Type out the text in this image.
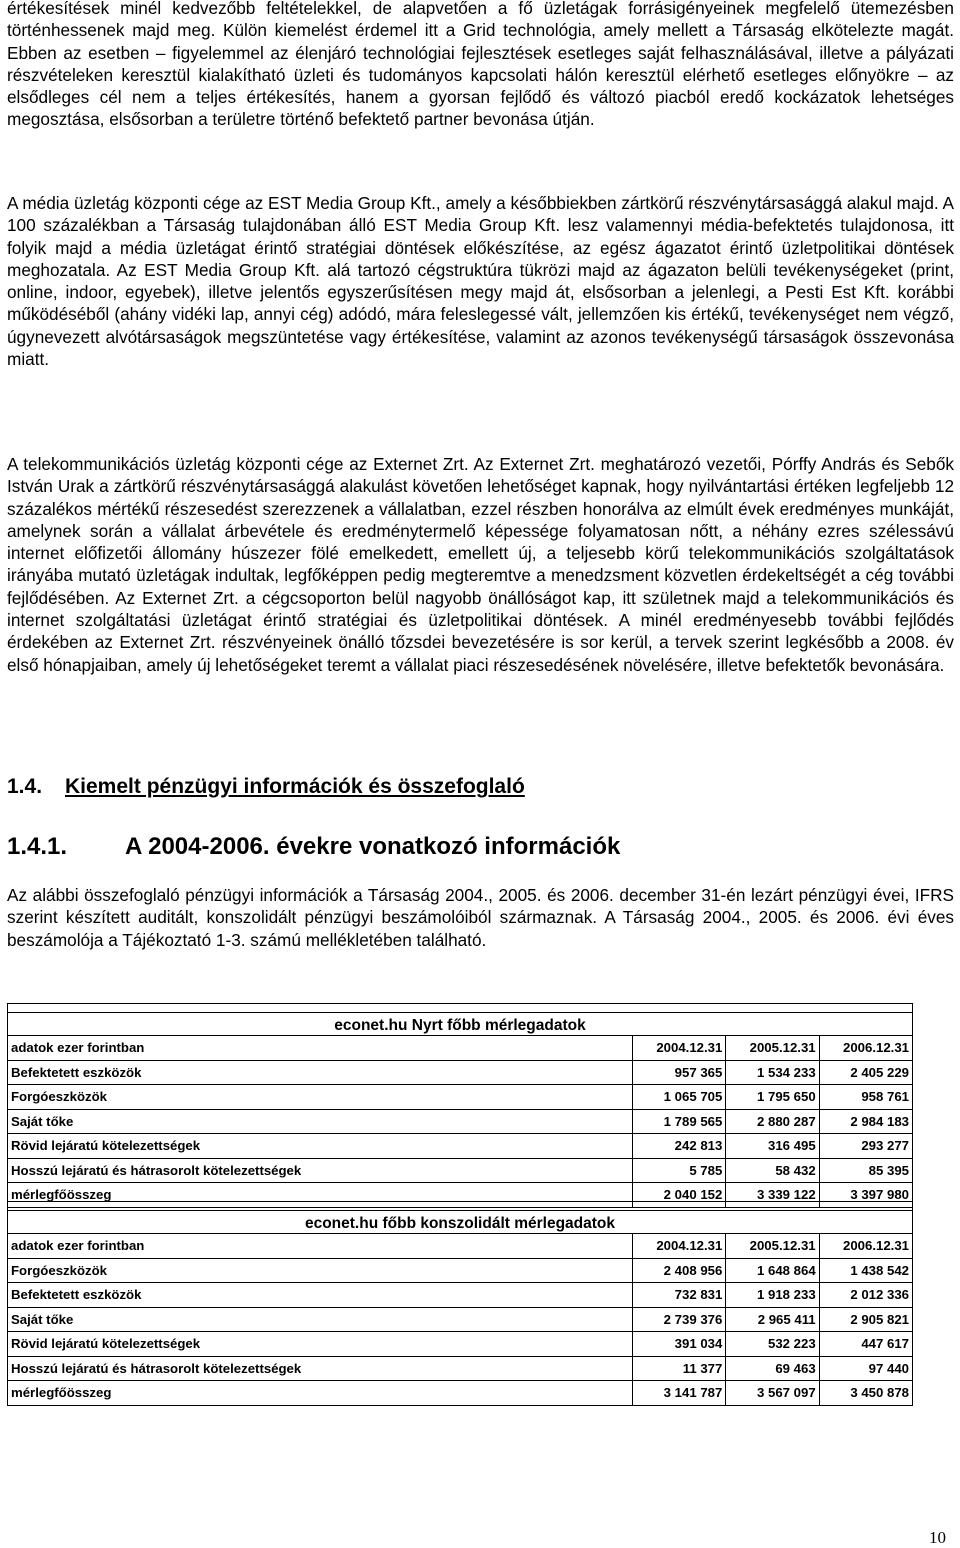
értékesítések minél kedvezőbb feltételekkel, de alapvetően a fő üzletágak forrásigényeinek megfelelő ütemezésben történhessenek majd meg. Külön kiemelést érdemel itt a Grid technológia, amely mellett a Társaság elkötelezte magát. Ebben az esetben – figyelemmel az élenjáró technológiai fejlesztések esetleges saját felhasználásával, illetve a pályázati részvételeken keresztül kialakítható üzleti és tudományos kapcsolati hálón keresztül elérhető esetleges előnyökre – az elsődleges cél nem a teljes értékesítés, hanem a gyorsan fejlődő és változó piacból eredő kockázatok lehetséges megosztása, elsősorban a területre történő befektető partner bevonása útján.

A média üzletág központi cége az EST Media Group Kft., amely a későbbiekben zártkörű részvénytársasággá alakul majd. A 100 százalékban a Társaság tulajdonában álló EST Media Group Kft. lesz valamennyi média-befektetés tulajdonosa, itt folyik majd a média üzletágat érintő stratégiai döntések előkészítése, az egész ágazatot érintő üzletpolitikai döntések meghozatala. Az EST Media Group Kft. alá tartozó cégstruktúra tükrözi majd az ágazaton belüli tevékenységeket (print, online, indoor, egyebek), illetve jelentős egyszerűsítésen megy majd át, elsősorban a jelenlegi, a Pesti Est Kft. korábbi működéséből (ahány vidéki lap, annyi cég) adódó, mára feleslegessé vált, jellemzően kis értékű, tevékenységet nem végző, úgynevezett alvótársaságok megszüntetése vagy értékesítése, valamint az azonos tevékenységű társaságok összevonása miatt.

A telekommunikációs üzletág központi cége az Externet Zrt. Az Externet Zrt. meghatározó vezetői, Pórffy András és Sebők István Urak a zártkörű részvénytársasággá alakulást követően lehetőséget kapnak, hogy nyilvántartási értéken legfeljebb 12 százalékos mértékű részesedést szerezzenek a vállalatban, ezzel részben honorálva az elmúlt évek eredményes munkáját, amelynek során a vállalat árbevétele és eredménytermelő képessége folyamatosan nőtt, a néhány ezres szélessávú internet előfizetői állomány húszezer fölé emelkedett, emellett új, a teljesebb körű telekommunikációs szolgáltatások irányába mutató üzletágak indultak, legfőképpen pedig megteremtve a menedzsment közvetlen érdekeltségét a cég további fejlődésében. Az Externet Zrt. a cégcsoporton belül nagyobb önállóságot kap, itt születnek majd a telekommunikációs és internet szolgáltatási üzletágat érintő stratégiai és üzletpolitikai döntések. A minél eredményesebb további fejlődés érdekében az Externet Zrt. részvényeinek önálló tőzsdei bevezetésére is sor kerül, a tervek szerint legkésőbb a 2008. év első hónapjaiban, amely új lehetőségeket teremt a vállalat piaci részesedésének növelésére, illetve befektetők bevonására.

1.4. Kiemelt pénzügyi információk és összefoglaló
1.4.1. A 2004-2006. évekre vonatkozó információk

Az alábbi összefoglaló pénzügyi információk a Társaság 2004., 2005. és 2006. december 31-én lezárt pénzügyi évei, IFRS szerint készített auditált, konszolidált pénzügyi beszámolóiból származnak. A Társaság 2004., 2005. és 2006. évi éves beszámolója a Tájékoztató 1-3. számú mellékletében található.

econet.hu Nyrt főbb mérlegadatok			
adatok ezer forintban	2004.12.31	2005.12.31	2006.12.31
Befektetett eszközök	957 365	1 534 233	2 405 229
Forgóeszközök	1 065 705	1 795 650	958 761
Saját tőke	1 789 565	2 880 287	2 984 183
Rövid lejáratú kötelezettségek	242 813	316 495	293 277
Hosszú lejáratú és hátrasorolt kötelezettségek	5 785	58 432	85 395
mérlegfőösszeg	2 040 152	3 339 122	3 397 980

econet.hu főbb konszolidált mérlegadatok			
adatok ezer forintban	2004.12.31	2005.12.31	2006.12.31
Forgóeszközök	2 408 956	1 648 864	1 438 542
Befektetett eszközök	732 831	1 918 233	2 012 336
Saját tőke	2 739 376	2 965 411	2 905 821
Rövid lejáratú kötelezettségek	391 034	532 223	447 617
Hosszú lejáratú és hátrasorolt kötelezettségek	11 377	69 463	97 440
mérlegfőösszeg	3 141 787	3 567 097	3 450 878
10
